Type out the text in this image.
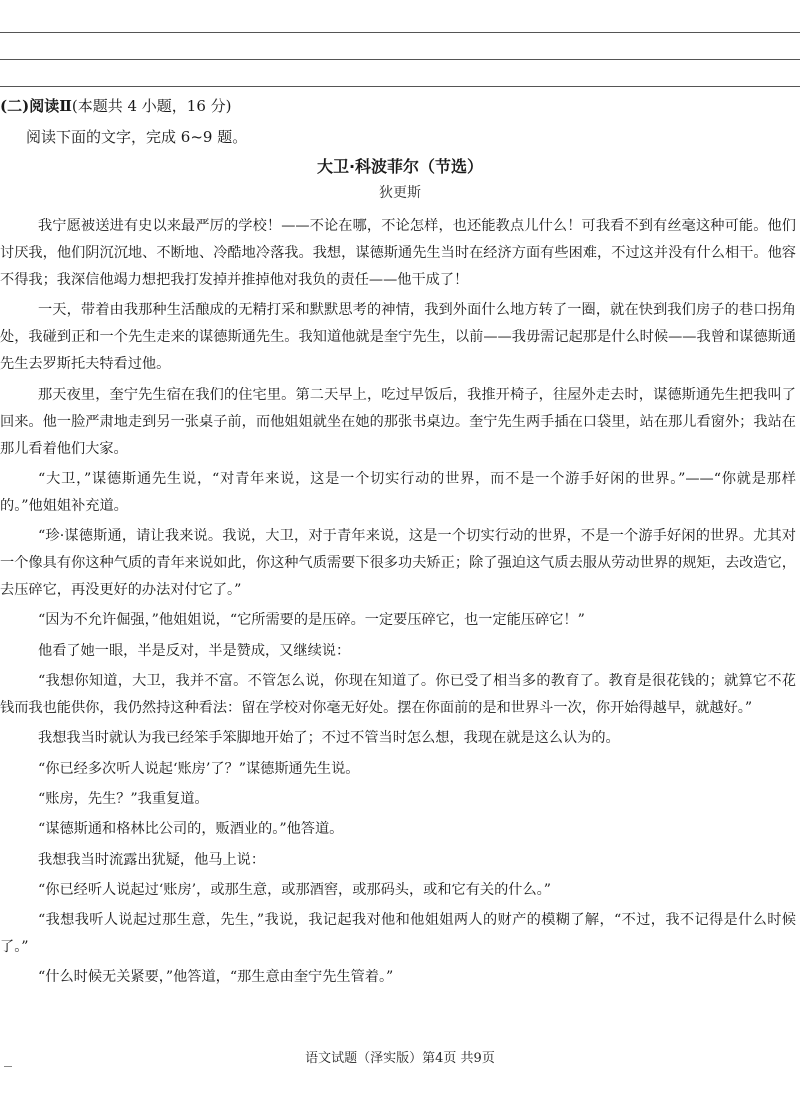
(二)阅读Ⅱ(本题共 4 小题，16 分)
阅读下面的文字，完成 6~9 题。
大卫·科波菲尔（节选）
狄更斯

我宁愿被送进有史以来最严厉的学校！——不论在哪，不论怎样，也还能教点儿什么！可我看不到有丝毫这种可能。他们讨厌我，他们阴沉沉地、不断地、冷酷地冷落我。我想，谋德斯通先生当时在经济方面有些困难，不过这并没有什么相干。他容不得我；我深信他竭力想把我打发掉并推掉他对我负的责任——他干成了！

一天，带着由我那种生活酿成的无精打采和默默思考的神情，我到外面什么地方转了一圈，就在快到我们房子的巷口拐角处，我碰到正和一个先生走来的谋德斯通先生。我知道他就是奎宁先生，以前——我毋需记起那是什么时候——我曾和谋德斯通先生去罗斯托夫特看过他。

那天夜里，奎宁先生宿在我们的住宅里。第二天早上，吃过早饭后，我推开椅子，往屋外走去时，谋德斯通先生把我叫了回来。他一脸严肃地走到另一张桌子前，而他姐姐就坐在她的那张书桌边。奎宁先生两手插在口袋里，站在那儿看窗外；我站在那儿看着他们大家。

“大卫，”谋德斯通先生说，“对青年来说，这是一个切实行动的世界，而不是一个游手好闲的世界。”——“你就是那样的。”他姐姐补充道。

“珍·谋德斯通，请让我来说。我说，大卫，对于青年来说，这是一个切实行动的世界，不是一个游手好闲的世界。尤其对一个像具有你这种气质的青年来说如此，你这种气质需要下很多功夫矫正；除了强迫这气质去服从劳动世界的规矩，去改造它，去压碎它，再没更好的办法对付它了。”

“因为不允许倔强，”他姐姐说，“它所需要的是压碎。一定要压碎它，也一定能压碎它！”

他看了她一眼，半是反对，半是赞成，又继续说：

“我想你知道，大卫，我并不富。不管怎么说，你现在知道了。你已受了相当多的教育了。教育是很花钱的；就算它不花钱而我也能供你，我仍然持这种看法：留在学校对你毫无好处。摆在你面前的是和世界斗一次，你开始得越早，就越好。”

我想我当时就认为我已经笨手笨脚地开始了；不过不管当时怎么想，我现在就是这么认为的。

“你已经多次听人说起‘账房’了？”谋德斯通先生说。

“账房，先生？”我重复道。

“谋德斯通和格林比公司的，贩酒业的。”他答道。

我想我当时流露出犹疑，他马上说：

“你已经听人说起过‘账房’，或那生意，或那酒窖，或那码头，或和它有关的什么。”

“我想我听人说起过那生意，先生，”我说，我记起我对他和他姐姐两人的财产的模糊了解，“不过，我不记得是什么时候了。”

“什么时候无关紧要，”他答道，“那生意由奎宁先生管着。”

语文试题（泽实版）第4页 共9页
